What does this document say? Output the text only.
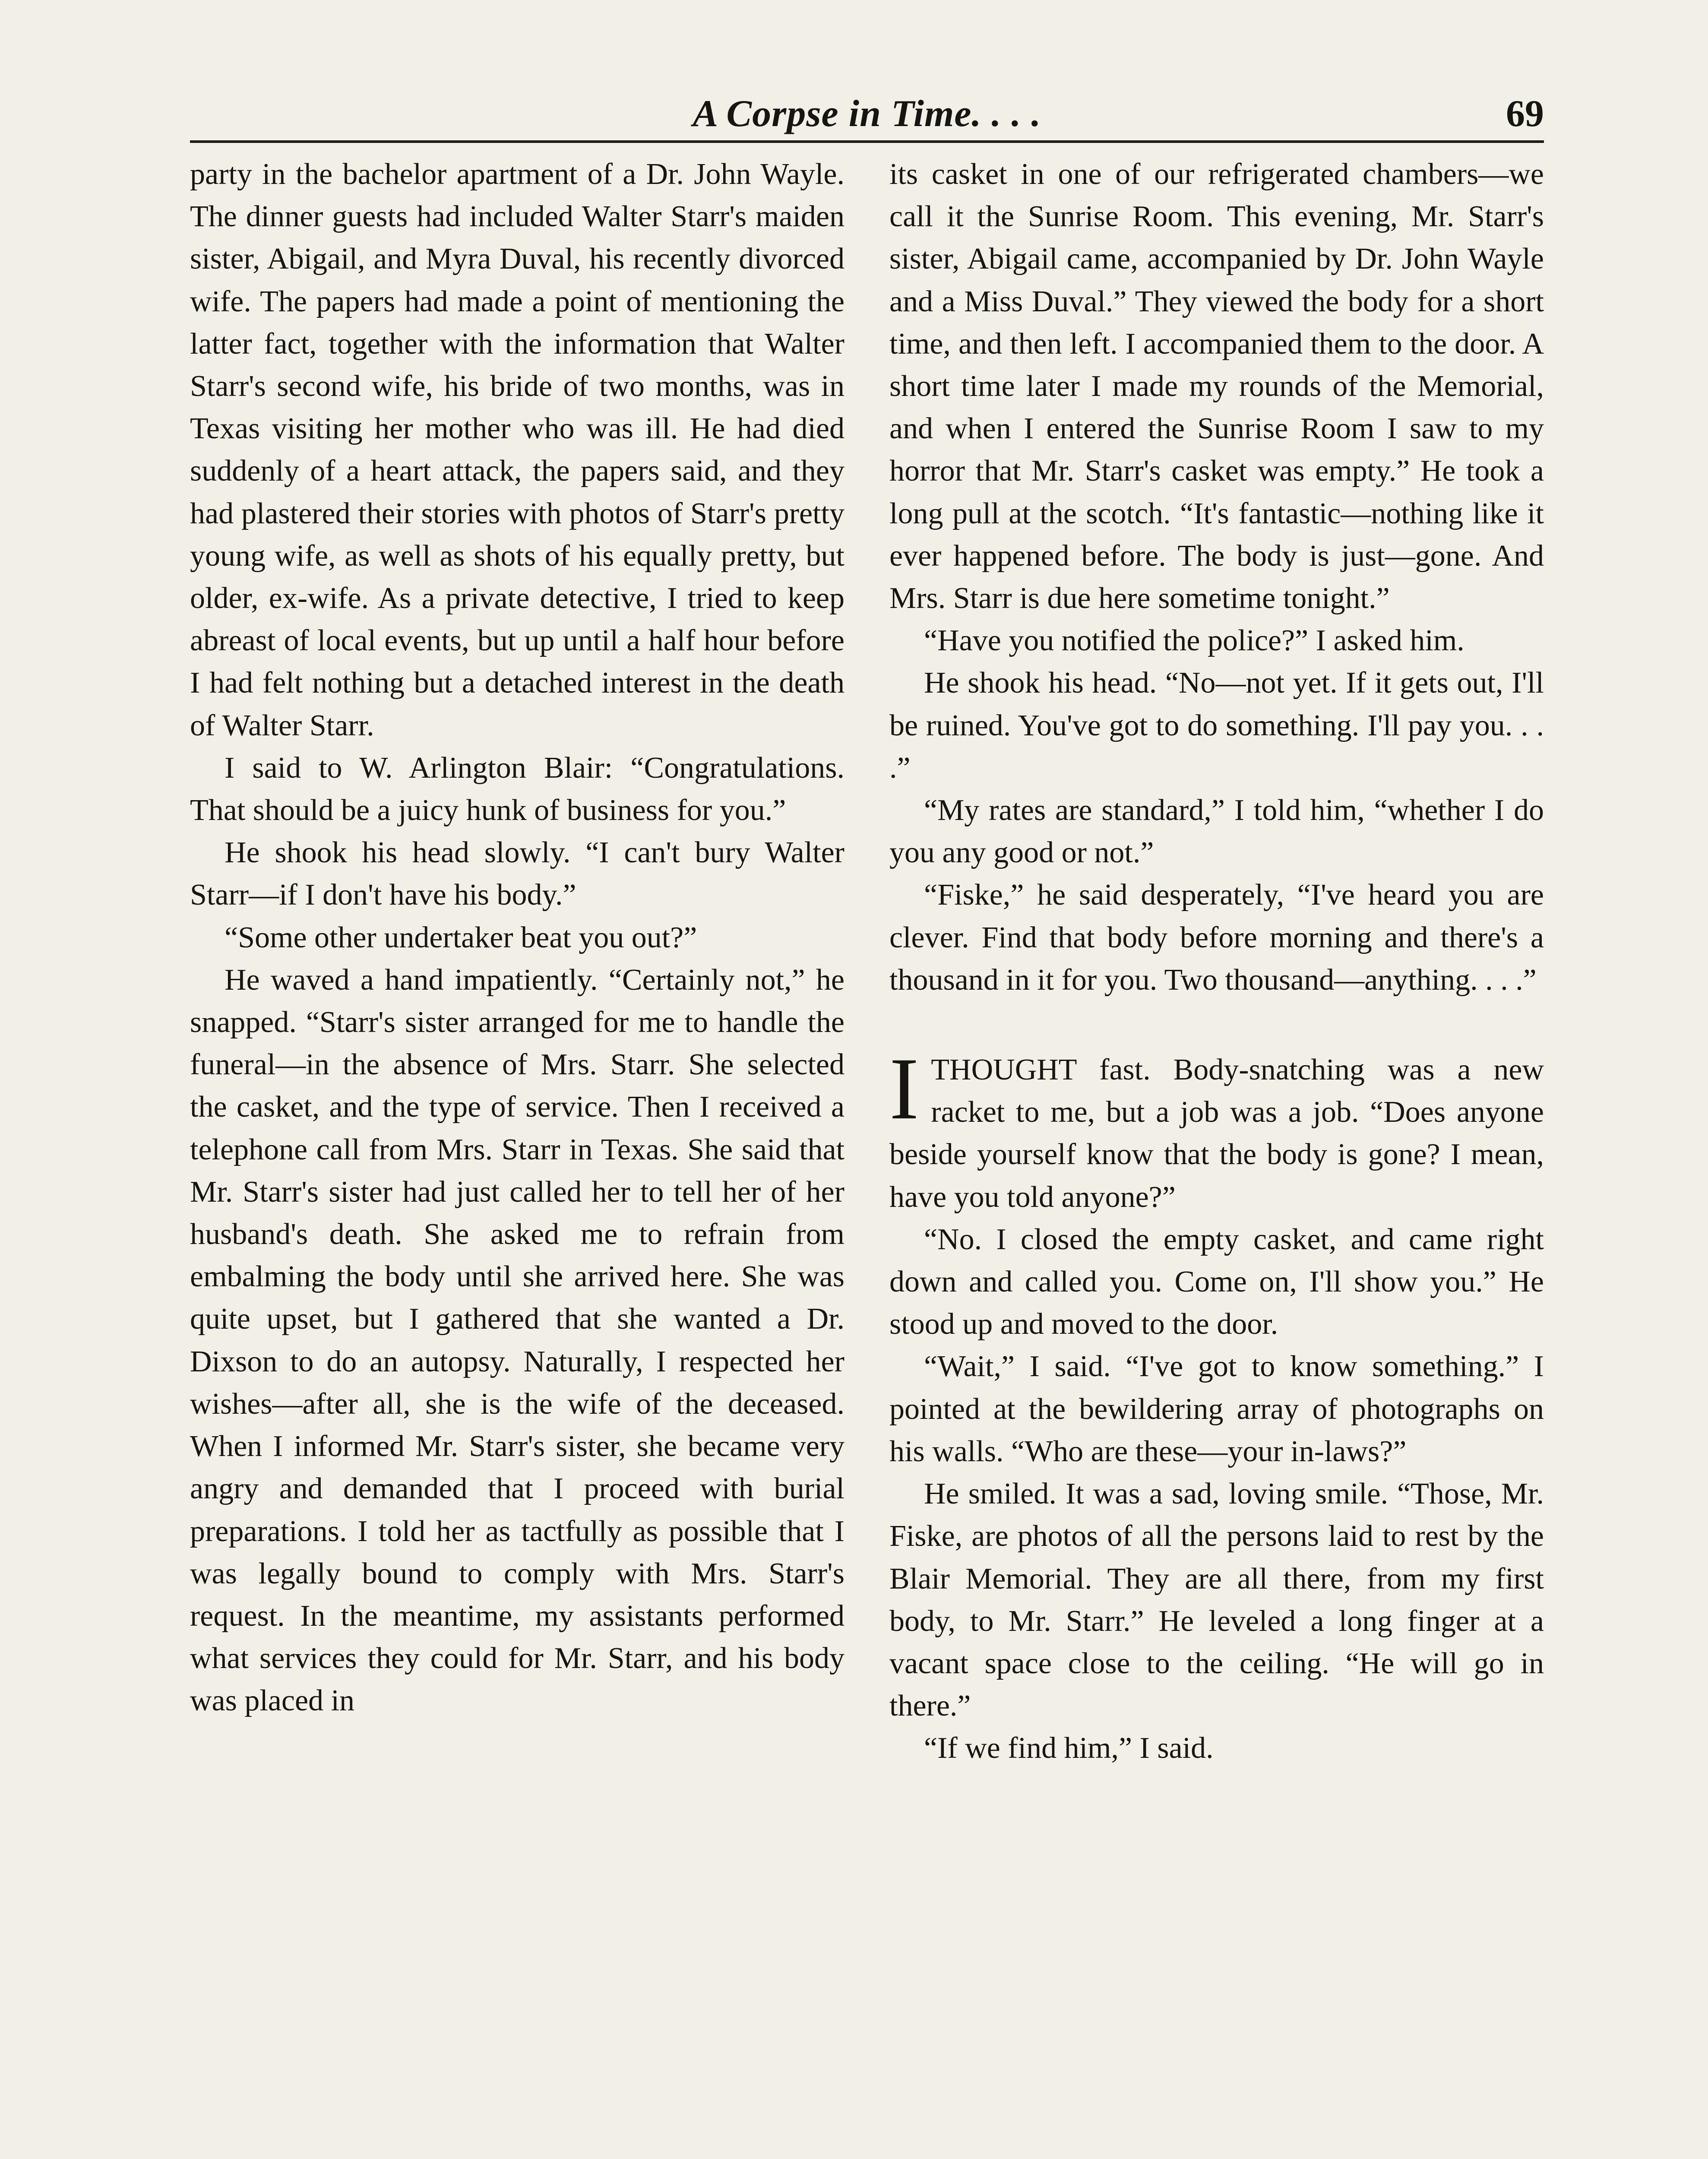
A Corpse in Time. . . .	69

party in the bachelor apartment of a Dr. John Wayle. The dinner guests had included Walter Starr's maiden sister, Abigail, and Myra Duval, his recently divorced wife. The papers had made a point of mentioning the latter fact, together with the information that Walter Starr's second wife, his bride of two months, was in Texas visiting her mother who was ill. He had died suddenly of a heart attack, the papers said, and they had plastered their stories with photos of Starr's pretty young wife, as well as shots of his equally pretty, but older, ex-wife. As a private detective, I tried to keep abreast of local events, but up until a half hour before I had felt nothing but a detached interest in the death of Walter Starr.

I said to W. Arlington Blair: “Congratulations. That should be a juicy hunk of business for you.”

He shook his head slowly. “I can't bury Walter Starr—if I don't have his body.”

“Some other undertaker beat you out?”

He waved a hand impatiently. “Certainly not,” he snapped. “Starr's sister arranged for me to handle the funeral—in the absence of Mrs. Starr. She selected the casket, and the type of service. Then I received a telephone call from Mrs. Starr in Texas. She said that Mr. Starr's sister had just called her to tell her of her husband's death. She asked me to refrain from embalming the body until she arrived here. She was quite upset, but I gathered that she wanted a Dr. Dixson to do an autopsy. Naturally, I respected her wishes—after all, she is the wife of the deceased. When I informed Mr. Starr's sister, she became very angry and demanded that I proceed with burial preparations. I told her as tactfully as possible that I was legally bound to comply with Mrs. Starr's request. In the meantime, my assistants performed what services they could for Mr. Starr, and his body was placed in

its casket in one of our refrigerated chambers—we call it the Sunrise Room. This evening, Mr. Starr's sister, Abigail came, accompanied by Dr. John Wayle and a Miss Duval.” They viewed the body for a short time, and then left. I accompanied them to the door. A short time later I made my rounds of the Memorial, and when I entered the Sunrise Room I saw to my horror that Mr. Starr's casket was empty.” He took a long pull at the scotch. “It's fantastic—nothing like it ever happened before. The body is just—gone. And Mrs. Starr is due here sometime tonight.”

“Have you notified the police?” I asked him.

He shook his head. “No—not yet. If it gets out, I'll be ruined. You've got to do something. I'll pay you. . . .”

“My rates are standard,” I told him, “whether I do you any good or not.”

“Fiske,” he said desperately, “I've heard you are clever. Find that body before morning and there's a thousand in it for you. Two thousand—anything. . . .”

ITHOUGHT fast. Body-snatching was a new racket to me, but a job was a job. “Does anyone beside yourself know that the body is gone? I mean, have you told anyone?”

“No. I closed the empty casket, and came right down and called you. Come on, I'll show you.” He stood up and moved to the door.

“Wait,” I said. “I've got to know something.” I pointed at the bewildering array of photographs on his walls. “Who are these—your in-laws?”

He smiled. It was a sad, loving smile. “Those, Mr. Fiske, are photos of all the persons laid to rest by the Blair Memorial. They are all there, from my first body, to Mr. Starr.” He leveled a long finger at a vacant space close to the ceiling. “He will go in there.”

“If we find him,” I said.
